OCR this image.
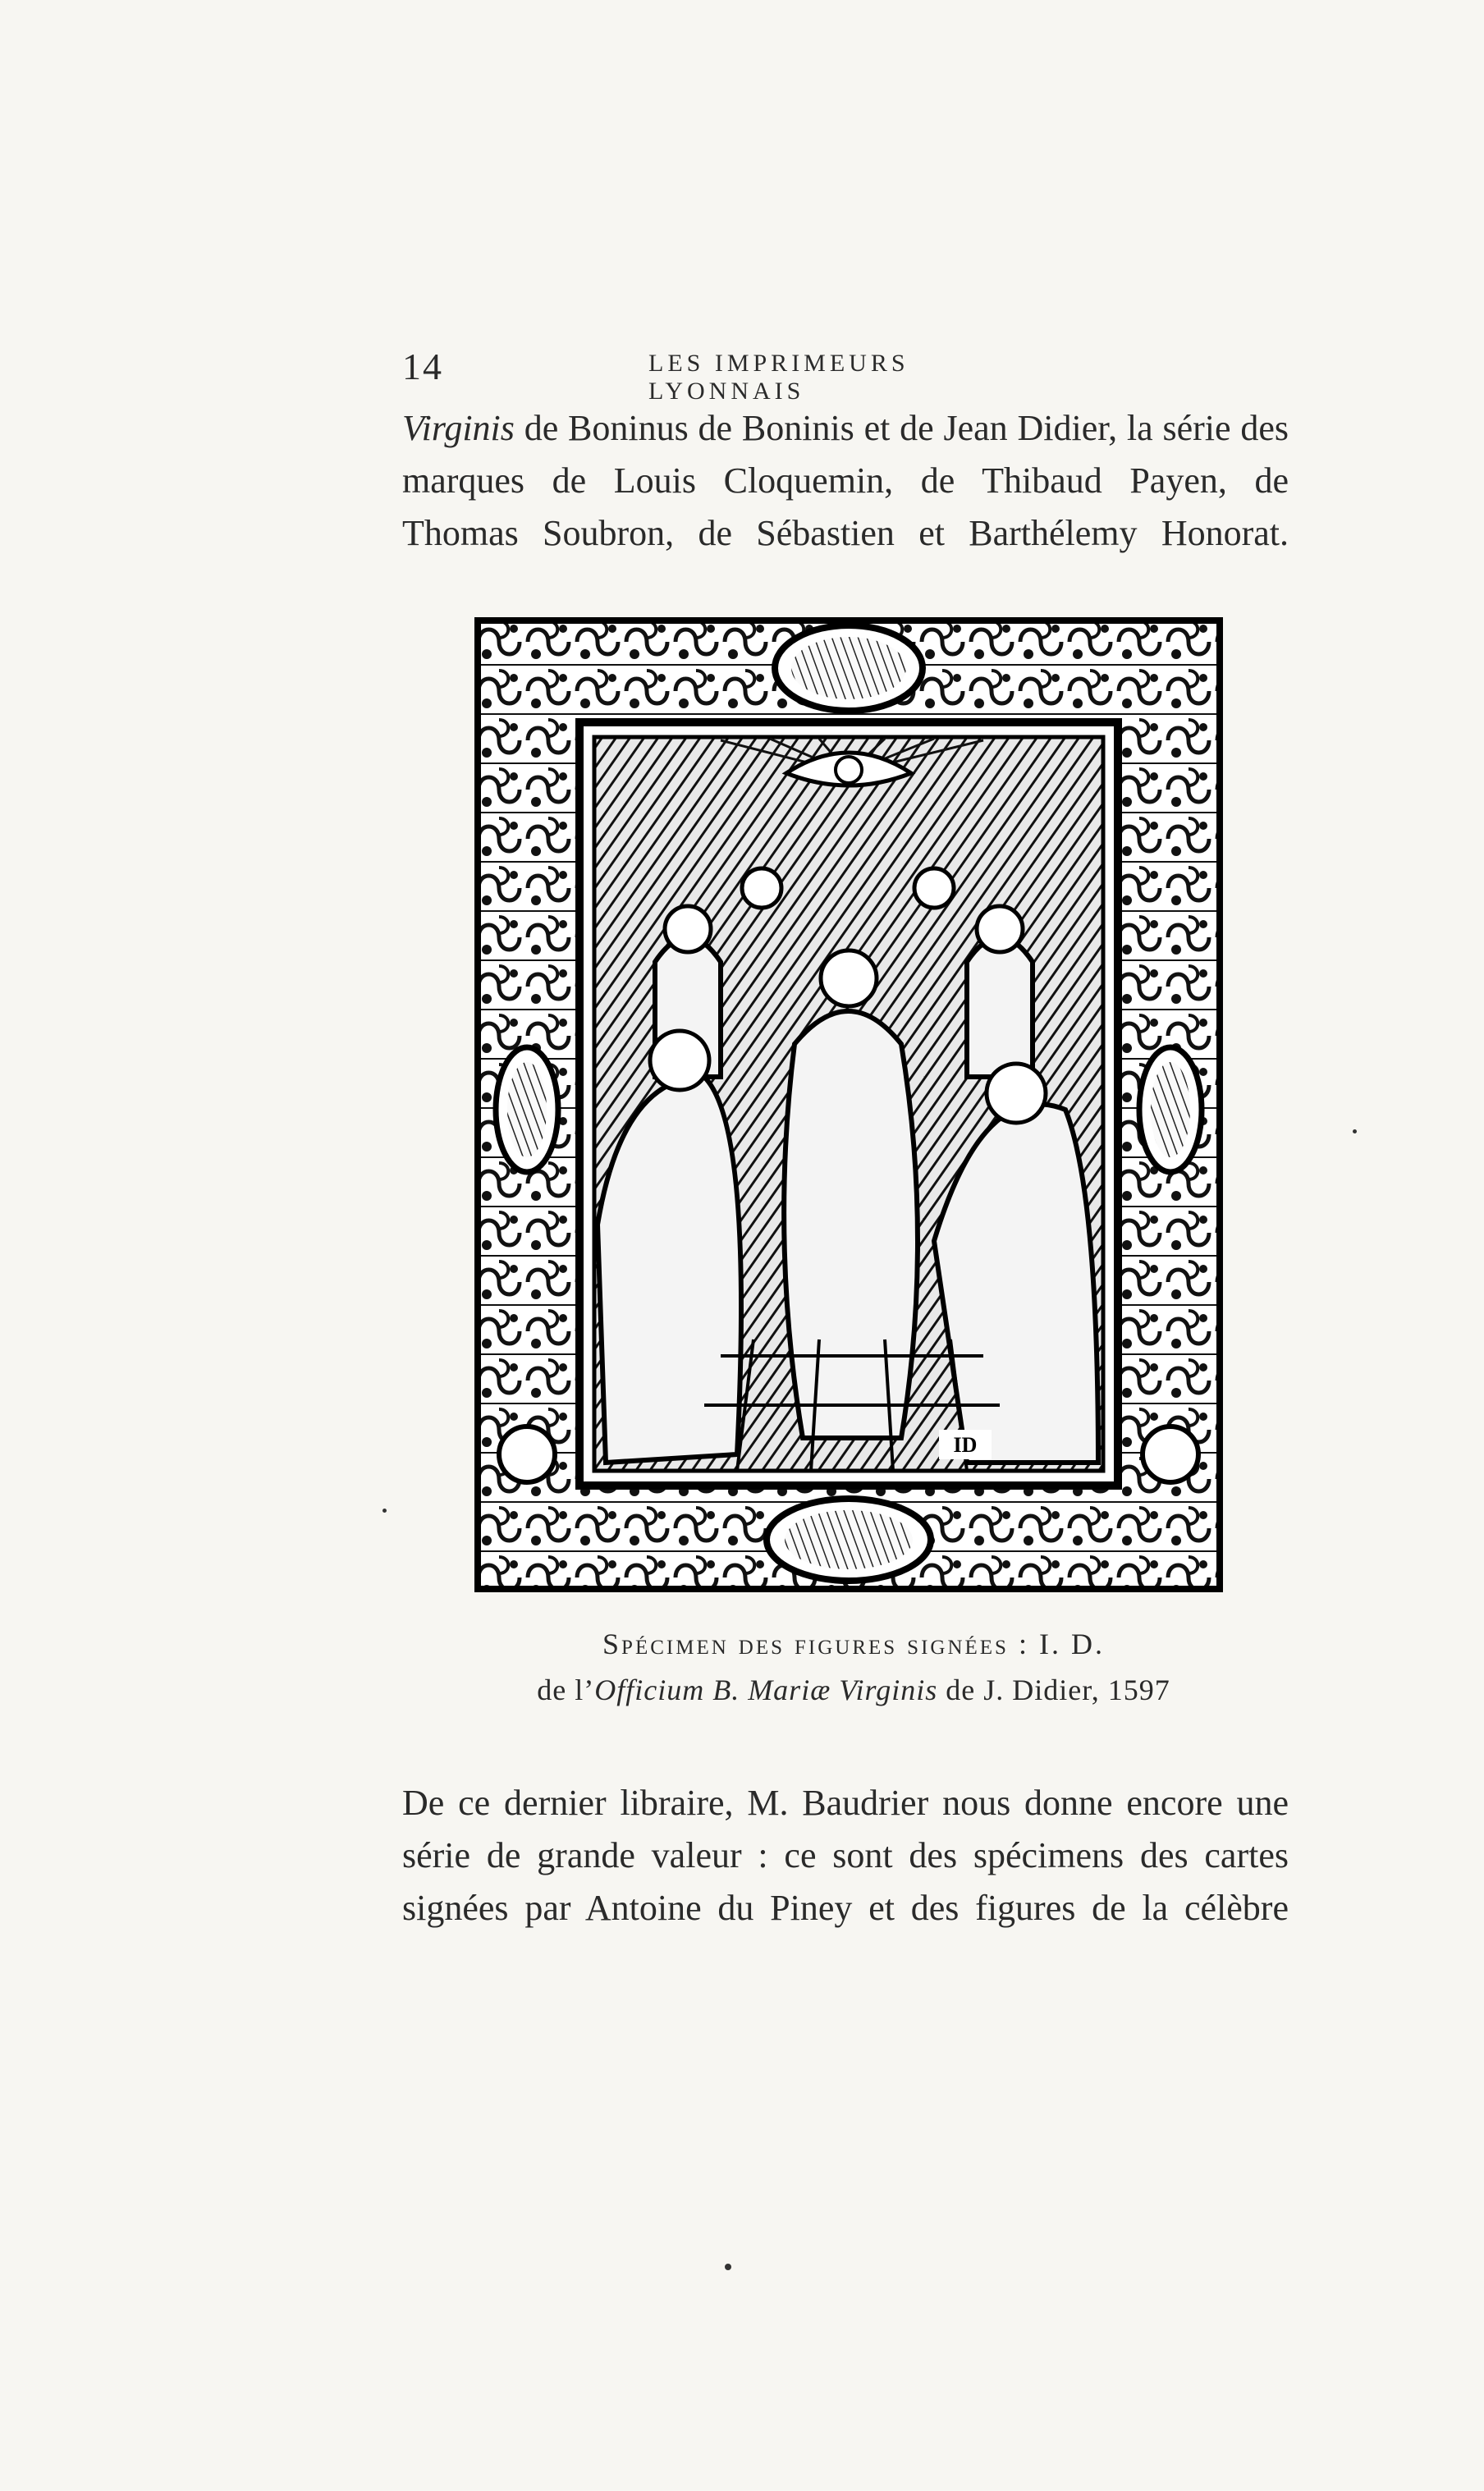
14	LES IMPRIMEURS LYONNAIS
Virginis de Boninus de Boninis et de Jean Didier, la série des
marques de Louis Cloquemin, de Thibaud Payen, de
Thomas Soubron, de Sébastien et Barthélemy Honorat.
ID
Spécimen des figures signées : I. D.
de l’Officium B. Mariæ Virginis de J. Didier, 1597
De ce dernier libraire, M. Baudrier nous donne encore une
série de grande valeur : ce sont des spécimens des cartes
signées par Antoine du Piney et des figures de la célèbre
